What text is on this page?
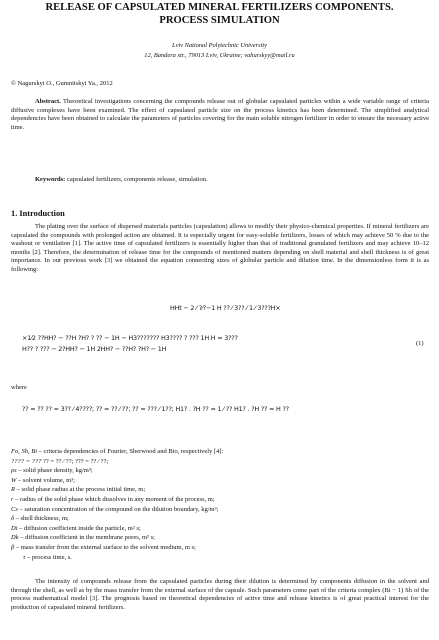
RELEASE OF CAPSULATED MINERAL FERTILIZERS COMPONENTS.
PROCESS SIMULATION
Lviv National Polytechnic University
12, Bandera str., 79013 Lviv, Ukraine; vahurskyy@mail.ru
© Nagurskyi O., Gumnitskyi Ya., 2012

Abstract. Theoretical investigations concerning the compounds release out of globular capsulated particles within a wide variable range of criteria diffusive complexes have been examined. The effect of capsulated particle size on the process kinetics has been determined. The simplified analytical dependencies have been obtained to calculate the parameters of particles covering for the main soluble nitrogen fertilizer in order to ensure the necessary active time.

Keywords: capsulated fertilizers, components release, simulation.

1. Introduction

The plating over the surface of dispersed materials particles (capsulation) allows to modify their physico-chemical properties. If mineral fertilizers are capsulated the compounds with prolonged action are obtained. It is especially urgent for easy-soluble fertilizers, losses of which may achieve 50 % due to the washout or ventilation [1]. The active time of capsulated fertilizers is essentially higher than that of traditional granulated fertilizers and may achieve 10–12 months [2]. Therefore, the determination of release time for the compounds of mentioned matters depending on shell material and shell thickness is of great importance. In our previous work [3] we obtained the equation connecting sizes of globular particle and dilution time. In the dimensionless form it is as following:

ΗΗt − 2 ⁄ ?⁄?−1 Η ?? ⁄ 3?? ⁄ 1 ⁄ 3???Η×
×1⁄2 ??ΗΗ? − ??Η ?Η? ? ?? − 1Η − Η3??????? Η3???? ? ??? 1Η Η = 3???
Η?? ? ??? − 2?ΗΗ? − 1Η 2ΗΗ? − ??Η? ?Η? − 1Η
(1)
where
?? = ?? ?? = 3?? ⁄ 4????; ?? = ?? ⁄ ??; ?? = ??? ⁄ 1??; Η1? . ?Η ?? = 1 ⁄ ?? Η1? . ?Η ?? = Η ??
Fo, Sh, Bi – criteria dependencies of Fourier, Sherwood and Bio, respectively [4]:
???? = ??? ?? = ?? ⁄ ??; ??? = ?? ⁄ ??;
ρs – solid phase density, kg/m³;
W – solvent volume, m³;
R – solid phase radius at the process initial time, m;
r – radius of the solid phase which dissolves in any moment of the process, m;
Cs – saturation concentration of the compound on the dilution boundary, kg/m³;
δ – shell thickness, m;
Di – diffusion coefficient inside the particle, m² s;
Dk – diffusion coefficient in the membrane pores, m² s;
β – mass transfer from the external surface to the solvent medium, m s;
τ – process time, s.

The intensity of compounds release from the capsulated particles during their dilution is determined by components diffusion in the solvent and through the shell, as well as by the mass transfer from the external surface of the capsule. Such parameters come part of the criteria complex (Bi − 1) Sh of the process mathematical model [3]. The prognosis based on theoretical dependencies of active time and release kinetics is of great practical interest for the production of capsulated mineral fertilizers.
